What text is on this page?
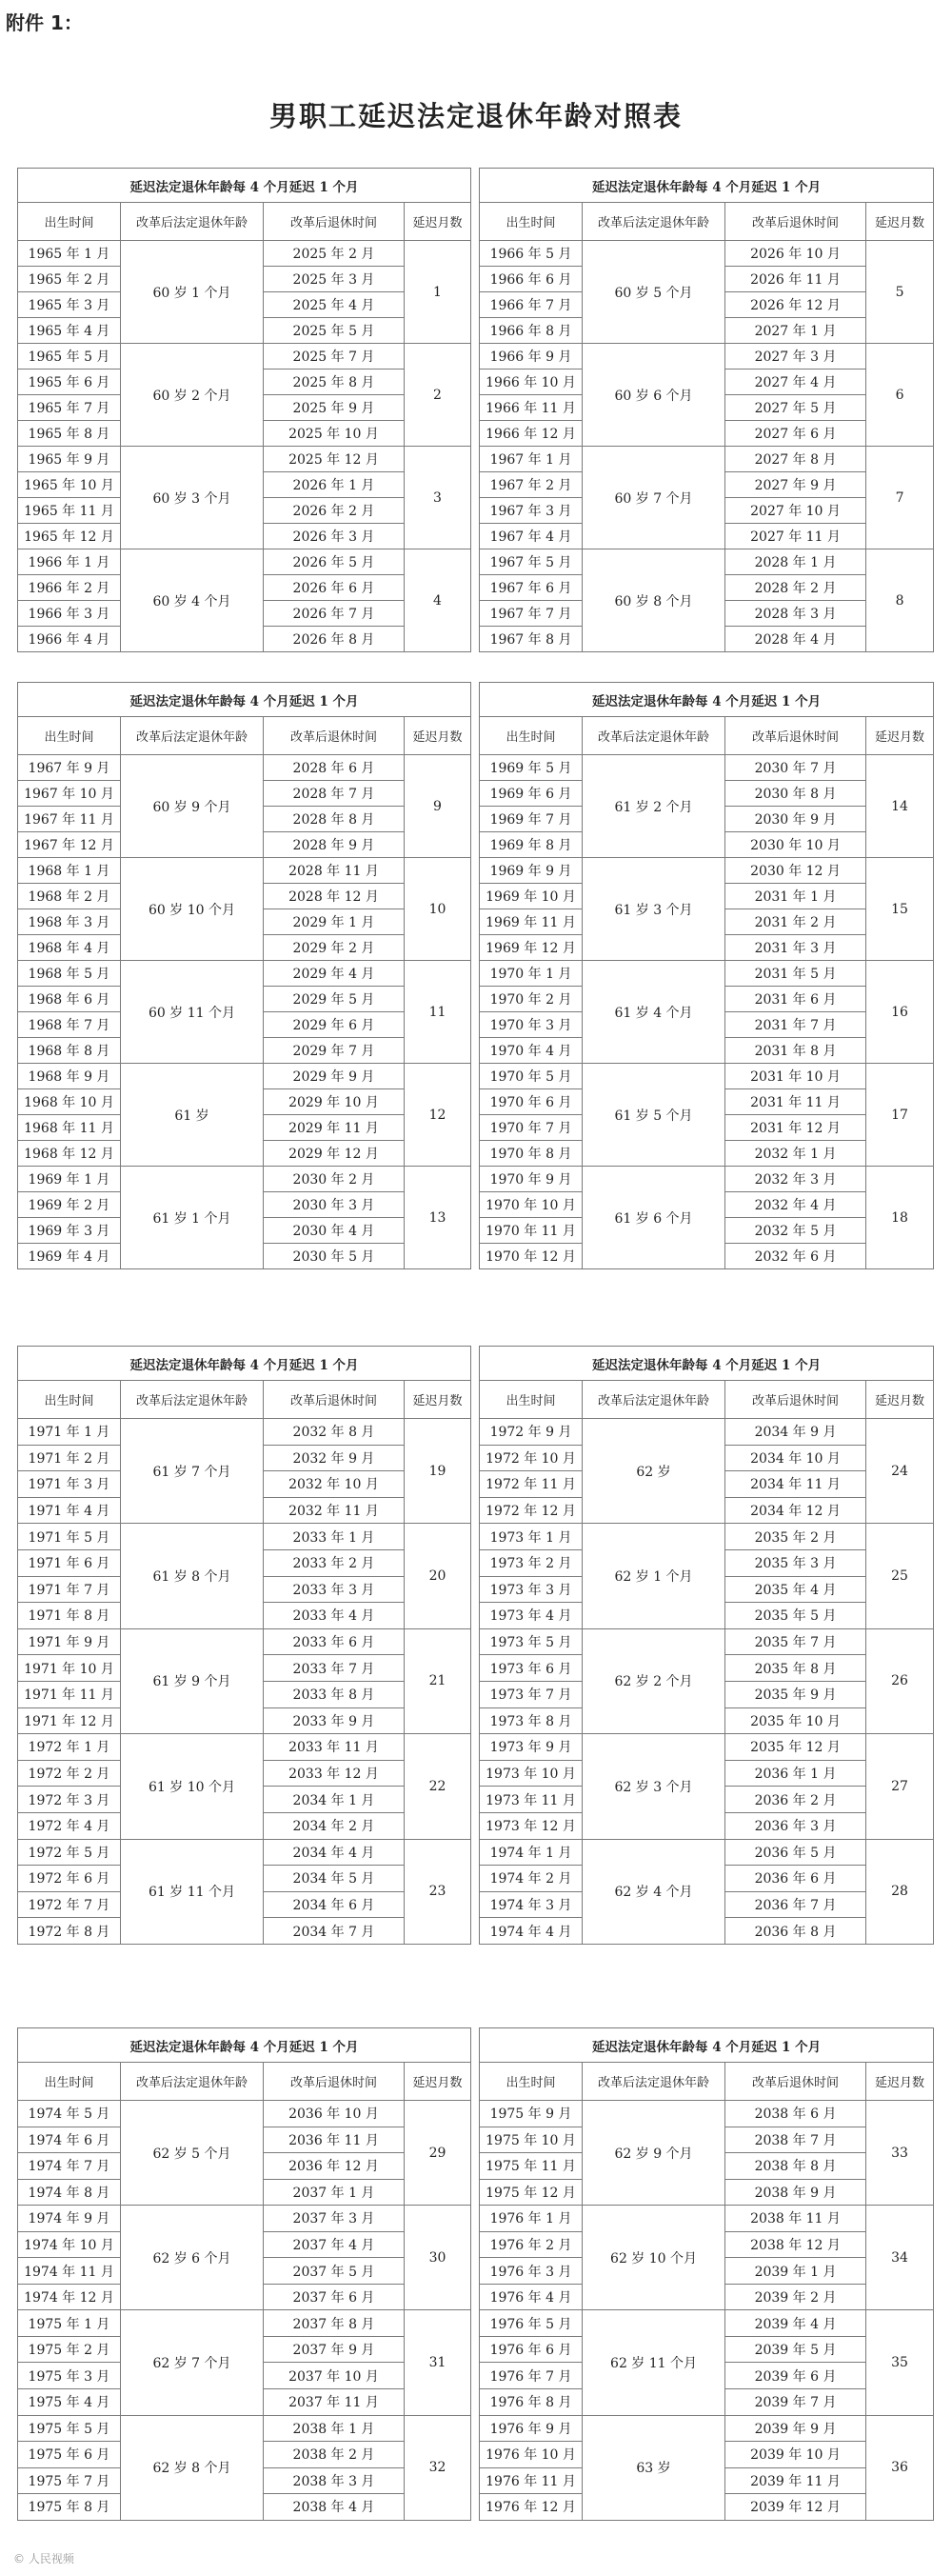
附件 1：
男职工延迟法定退休年龄对照表
延迟法定退休年龄每 4 个月延迟 1 个月					延迟法定退休年龄每 4 个月延迟 1 个月			
出生时间	改革后法定退休年龄	改革后退休时间	延迟月数		出生时间	改革后法定退休年龄	改革后退休时间	延迟月数
1965 年 1 月	60 岁 1 个月	2025 年 2 月	1		1966 年 5 月	60 岁 5 个月	2026 年 10 月	5
1965 年 2 月		2025 年 3 月			1966 年 6 月		2026 年 11 月	
1965 年 3 月		2025 年 4 月			1966 年 7 月		2026 年 12 月	
1965 年 4 月		2025 年 5 月			1966 年 8 月		2027 年 1 月	
1965 年 5 月	60 岁 2 个月	2025 年 7 月	2		1966 年 9 月	60 岁 6 个月	2027 年 3 月	6
1965 年 6 月		2025 年 8 月			1966 年 10 月		2027 年 4 月	
1965 年 7 月		2025 年 9 月			1966 年 11 月		2027 年 5 月	
1965 年 8 月		2025 年 10 月			1966 年 12 月		2027 年 6 月	
1965 年 9 月	60 岁 3 个月	2025 年 12 月	3		1967 年 1 月	60 岁 7 个月	2027 年 8 月	7
1965 年 10 月		2026 年 1 月			1967 年 2 月		2027 年 9 月	
1965 年 11 月		2026 年 2 月			1967 年 3 月		2027 年 10 月	
1965 年 12 月		2026 年 3 月			1967 年 4 月		2027 年 11 月	
1966 年 1 月	60 岁 4 个月	2026 年 5 月	4		1967 年 5 月	60 岁 8 个月	2028 年 1 月	8
1966 年 2 月		2026 年 6 月			1967 年 6 月		2028 年 2 月	
1966 年 3 月		2026 年 7 月			1967 年 7 月		2028 年 3 月	
1966 年 4 月		2026 年 8 月			1967 年 8 月		2028 年 4 月	
延迟法定退休年龄每 4 个月延迟 1 个月					延迟法定退休年龄每 4 个月延迟 1 个月			
出生时间	改革后法定退休年龄	改革后退休时间	延迟月数		出生时间	改革后法定退休年龄	改革后退休时间	延迟月数
1967 年 9 月	60 岁 9 个月	2028 年 6 月	9		1969 年 5 月	61 岁 2 个月	2030 年 7 月	14
1967 年 10 月		2028 年 7 月			1969 年 6 月		2030 年 8 月	
1967 年 11 月		2028 年 8 月			1969 年 7 月		2030 年 9 月	
1967 年 12 月		2028 年 9 月			1969 年 8 月		2030 年 10 月	
1968 年 1 月	60 岁 10 个月	2028 年 11 月	10		1969 年 9 月	61 岁 3 个月	2030 年 12 月	15
1968 年 2 月		2028 年 12 月			1969 年 10 月		2031 年 1 月	
1968 年 3 月		2029 年 1 月			1969 年 11 月		2031 年 2 月	
1968 年 4 月		2029 年 2 月			1969 年 12 月		2031 年 3 月	
1968 年 5 月	60 岁 11 个月	2029 年 4 月	11		1970 年 1 月	61 岁 4 个月	2031 年 5 月	16
1968 年 6 月		2029 年 5 月			1970 年 2 月		2031 年 6 月	
1968 年 7 月		2029 年 6 月			1970 年 3 月		2031 年 7 月	
1968 年 8 月		2029 年 7 月			1970 年 4 月		2031 年 8 月	
1968 年 9 月	61 岁	2029 年 9 月	12		1970 年 5 月	61 岁 5 个月	2031 年 10 月	17
1968 年 10 月		2029 年 10 月			1970 年 6 月		2031 年 11 月	
1968 年 11 月		2029 年 11 月			1970 年 7 月		2031 年 12 月	
1968 年 12 月		2029 年 12 月			1970 年 8 月		2032 年 1 月	
1969 年 1 月	61 岁 1 个月	2030 年 2 月	13		1970 年 9 月	61 岁 6 个月	2032 年 3 月	18
1969 年 2 月		2030 年 3 月			1970 年 10 月		2032 年 4 月	
1969 年 3 月		2030 年 4 月			1970 年 11 月		2032 年 5 月	
1969 年 4 月		2030 年 5 月			1970 年 12 月		2032 年 6 月	
延迟法定退休年龄每 4 个月延迟 1 个月					延迟法定退休年龄每 4 个月延迟 1 个月			
出生时间	改革后法定退休年龄	改革后退休时间	延迟月数		出生时间	改革后法定退休年龄	改革后退休时间	延迟月数
1971 年 1 月	61 岁 7 个月	2032 年 8 月	19		1972 年 9 月	62 岁	2034 年 9 月	24
1971 年 2 月		2032 年 9 月			1972 年 10 月		2034 年 10 月	
1971 年 3 月		2032 年 10 月			1972 年 11 月		2034 年 11 月	
1971 年 4 月		2032 年 11 月			1972 年 12 月		2034 年 12 月	
1971 年 5 月	61 岁 8 个月	2033 年 1 月	20		1973 年 1 月	62 岁 1 个月	2035 年 2 月	25
1971 年 6 月		2033 年 2 月			1973 年 2 月		2035 年 3 月	
1971 年 7 月		2033 年 3 月			1973 年 3 月		2035 年 4 月	
1971 年 8 月		2033 年 4 月			1973 年 4 月		2035 年 5 月	
1971 年 9 月	61 岁 9 个月	2033 年 6 月	21		1973 年 5 月	62 岁 2 个月	2035 年 7 月	26
1971 年 10 月		2033 年 7 月			1973 年 6 月		2035 年 8 月	
1971 年 11 月		2033 年 8 月			1973 年 7 月		2035 年 9 月	
1971 年 12 月		2033 年 9 月			1973 年 8 月		2035 年 10 月	
1972 年 1 月	61 岁 10 个月	2033 年 11 月	22		1973 年 9 月	62 岁 3 个月	2035 年 12 月	27
1972 年 2 月		2033 年 12 月			1973 年 10 月		2036 年 1 月	
1972 年 3 月		2034 年 1 月			1973 年 11 月		2036 年 2 月	
1972 年 4 月		2034 年 2 月			1973 年 12 月		2036 年 3 月	
1972 年 5 月	61 岁 11 个月	2034 年 4 月	23		1974 年 1 月	62 岁 4 个月	2036 年 5 月	28
1972 年 6 月		2034 年 5 月			1974 年 2 月		2036 年 6 月	
1972 年 7 月		2034 年 6 月			1974 年 3 月		2036 年 7 月	
1972 年 8 月		2034 年 7 月			1974 年 4 月		2036 年 8 月	
延迟法定退休年龄每 4 个月延迟 1 个月					延迟法定退休年龄每 4 个月延迟 1 个月			
出生时间	改革后法定退休年龄	改革后退休时间	延迟月数		出生时间	改革后法定退休年龄	改革后退休时间	延迟月数
1974 年 5 月	62 岁 5 个月	2036 年 10 月	29		1975 年 9 月	62 岁 9 个月	2038 年 6 月	33
1974 年 6 月		2036 年 11 月			1975 年 10 月		2038 年 7 月	
1974 年 7 月		2036 年 12 月			1975 年 11 月		2038 年 8 月	
1974 年 8 月		2037 年 1 月			1975 年 12 月		2038 年 9 月	
1974 年 9 月	62 岁 6 个月	2037 年 3 月	30		1976 年 1 月	62 岁 10 个月	2038 年 11 月	34
1974 年 10 月		2037 年 4 月			1976 年 2 月		2038 年 12 月	
1974 年 11 月		2037 年 5 月			1976 年 3 月		2039 年 1 月	
1974 年 12 月		2037 年 6 月			1976 年 4 月		2039 年 2 月	
1975 年 1 月	62 岁 7 个月	2037 年 8 月	31		1976 年 5 月	62 岁 11 个月	2039 年 4 月	35
1975 年 2 月		2037 年 9 月			1976 年 6 月		2039 年 5 月	
1975 年 3 月		2037 年 10 月			1976 年 7 月		2039 年 6 月	
1975 年 4 月		2037 年 11 月			1976 年 8 月		2039 年 7 月	
1975 年 5 月	62 岁 8 个月	2038 年 1 月	32		1976 年 9 月	63 岁	2039 年 9 月	36
1975 年 6 月		2038 年 2 月			1976 年 10 月		2039 年 10 月	
1975 年 7 月		2038 年 3 月			1976 年 11 月		2039 年 11 月	
1975 年 8 月		2038 年 4 月			1976 年 12 月		2039 年 12 月	
© 人民视频
